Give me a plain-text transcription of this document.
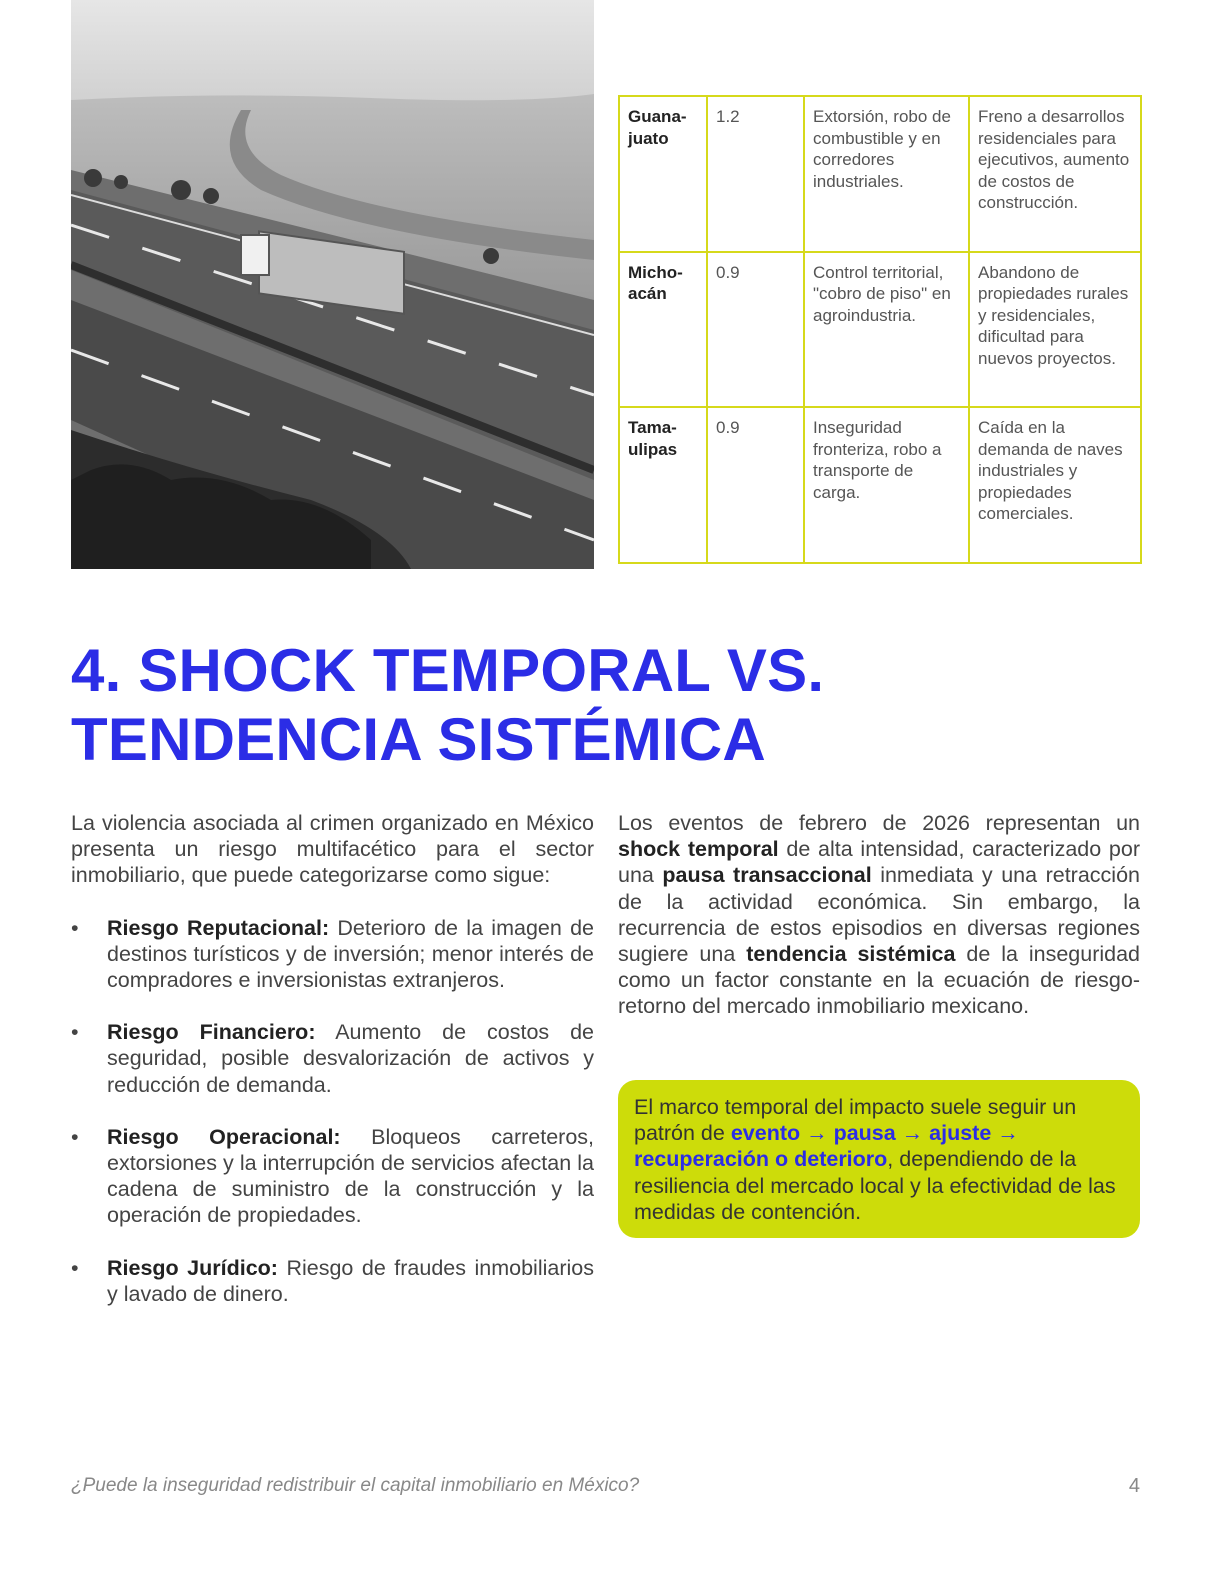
Guana-juato	1.2	Extorsión, robo de combustible y en corredores industriales.	Freno a desarrollos residenciales para ejecutivos, aumento de costos de construcción.
Micho-acán	0.9	Control territorial, "cobro de piso" en agroindustria.	Abandono de propiedades rurales y residenciales, dificultad para nuevos proyectos.
Tama-ulipas	0.9	Inseguridad fronteriza, robo a transporte de carga.	Caída en la demanda de naves industriales y propiedades comerciales.
4. SHOCK TEMPORAL VS. TENDENCIA SISTÉMICA

La violencia asociada al crimen organizado en México presenta un riesgo multifacético para el sector inmobiliario, que puede categorizarse como sigue:

• Riesgo Reputacional: Deterioro de la imagen de destinos turísticos y de inversión; menor interés de compradores e inversionistas extranjeros.
• Riesgo Financiero: Aumento de costos de seguridad, posible desvalorización de activos y reducción de demanda.
• Riesgo Operacional: Bloqueos carreteros, extorsiones y la interrupción de servicios afectan la cadena de suministro de la construcción y la operación de propiedades.
• Riesgo Jurídico: Riesgo de fraudes inmobiliarios y lavado de dinero.

Los eventos de febrero de 2026 representan un shock temporal de alta intensidad, caracterizado por una pausa transaccional inmediata y una retracción de la actividad económica. Sin embargo, la recurrencia de estos episodios en diversas regiones sugiere una tendencia sistémica de la inseguridad como un factor constante en la ecuación de riesgo-retorno del mercado inmobiliario mexicano.

El marco temporal del impacto suele seguir un patrón de evento → pausa → ajuste → recuperación o deterioro, dependiendo de la resiliencia del mercado local y la efectividad de las medidas de contención.
¿Puede la inseguridad redistribuir el capital inmobiliario en México?	4
